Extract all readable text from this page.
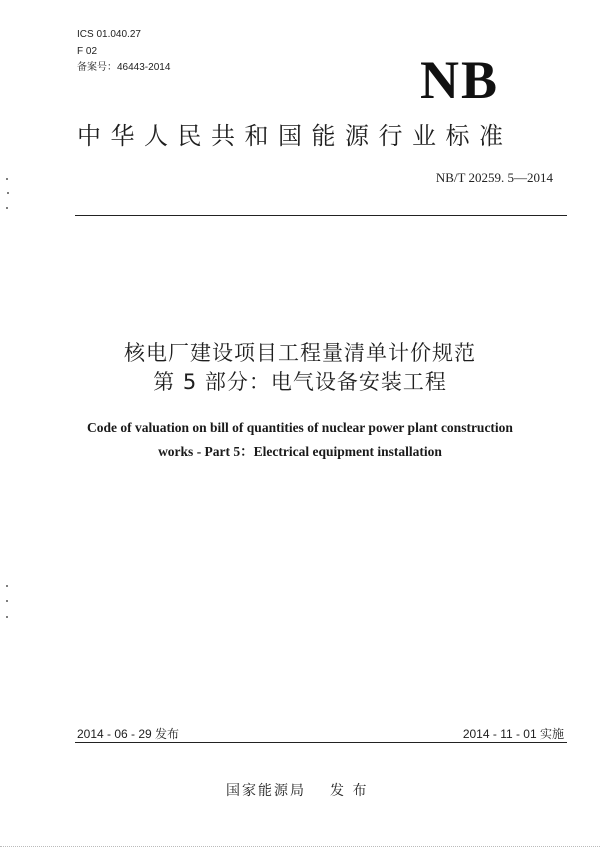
ICS 01.040.27
F 02
备案号：46443-2014	NB
中华人民共和国能源行业标准
NB/T 20259. 5—2014
核电厂建设项目工程量清单计价规范
第 5 部分：电气设备安装工程
Code of valuation on bill of quantities of nuclear power plant construction
works - Part 5：Electrical equipment installation
2014 - 06 - 29 发布	2014 - 11 - 01 实施
国家能源局 发 布
